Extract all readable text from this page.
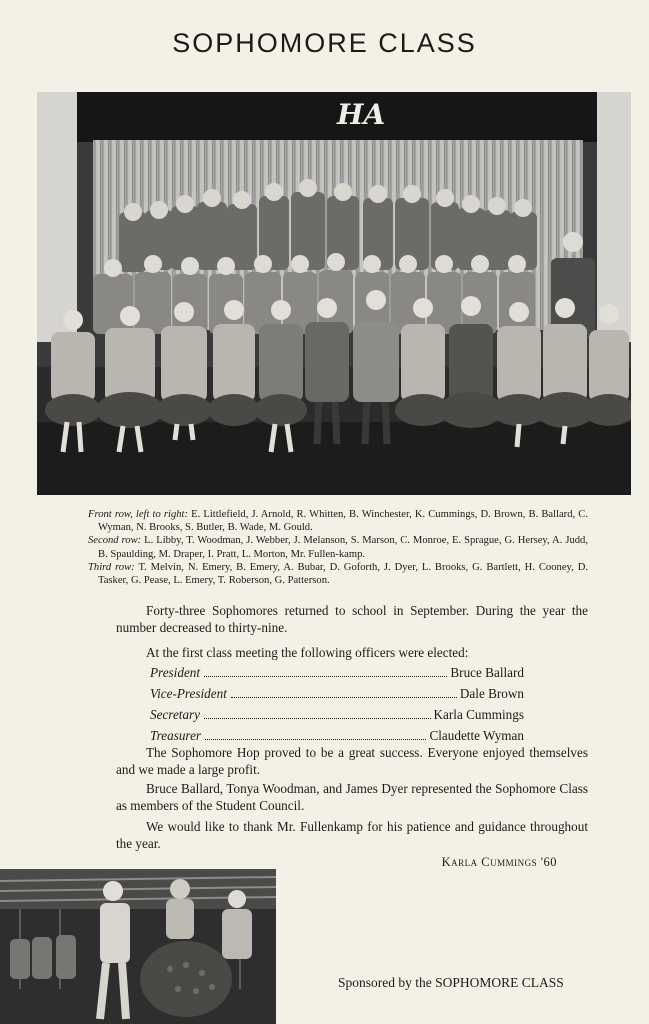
SOPHOMORE CLASS
HA

Front row, left to right: E. Littlefield, J. Arnold, R. Whitten, B. Winchester, K. Cummings, D. Brown, B. Ballard, C. Wyman, N. Brooks, S. Butler, B. Wade, M. Gould.

Second row: L. Libby, T. Woodman, J. Webber, J. Melanson, S. Marson, C. Monroe, E. Sprague, G. Hersey, A. Judd, B. Spaulding, M. Draper, I. Pratt, L. Morton, Mr. Fullen-kamp.

Third row: T. Melvin, N. Emery, B. Emery, A. Bubar, D. Goforth, J. Dyer, L. Brooks, G. Bartlett, H. Cooney, D. Tasker, G. Pease, L. Emery, T. Roberson, G. Patterson.

Forty-three Sophomores returned to school in September. During the year the number decreased to thirty-nine.

At the first class meeting the following officers were elected:

President	Bruce Ballard
Vice-President	Dale Brown
Secretary	Karla Cummings
Treasurer	Claudette Wyman

The Sophomore Hop proved to be a great success. Everyone enjoyed themselves and we made a large profit.

Bruce Ballard, Tonya Woodman, and James Dyer represented the Sophomore Class as members of the Student Council.

We would like to thank Mr. Fullenkamp for his patience and guidance throughout the year.

Karla Cummings '60
Sponsored by the SOPHOMORE CLASS
